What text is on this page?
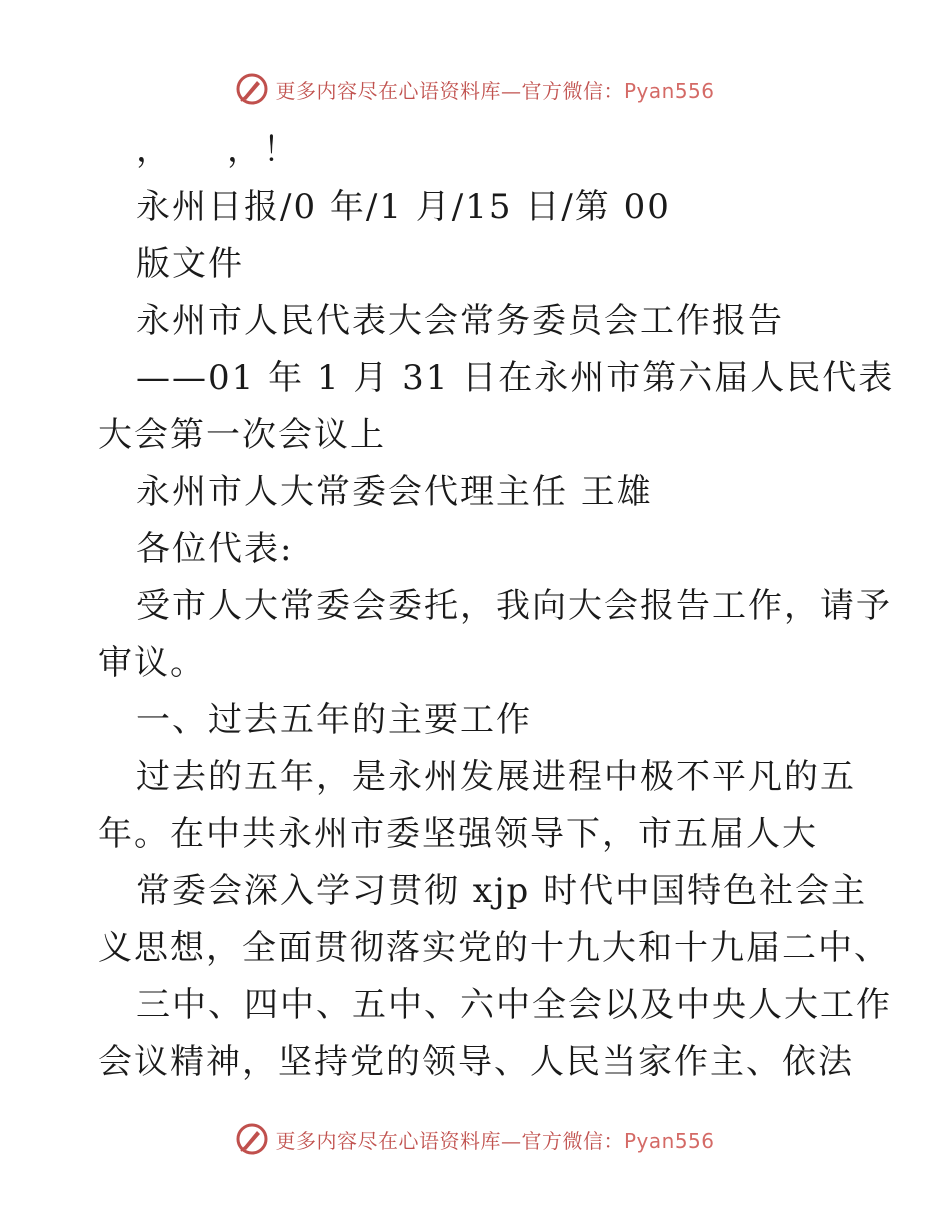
更多内容尽在心语资料库—官方微信：Pyan556
，　　，！
永州日报/0 年/1 月/15 日/第 00
版文件
永州市人民代表大会常务委员会工作报告
——01 年 1 月 31 日在永州市第六届人民代表
大会第一次会议上
永州市人大常委会代理主任 王雄
各位代表:
受市人大常委会委托，我向大会报告工作，请予
审议。
一、过去五年的主要工作
过去的五年，是永州发展进程中极不平凡的五
年。在中共永州市委坚强领导下，市五届人大
常委会深入学习贯彻 xjp 时代中国特色社会主
义思想，全面贯彻落实党的十九大和十九届二中、
三中、四中、五中、六中全会以及中央人大工作
会议精神，坚持党的领导、人民当家作主、依法
更多内容尽在心语资料库—官方微信：Pyan556
